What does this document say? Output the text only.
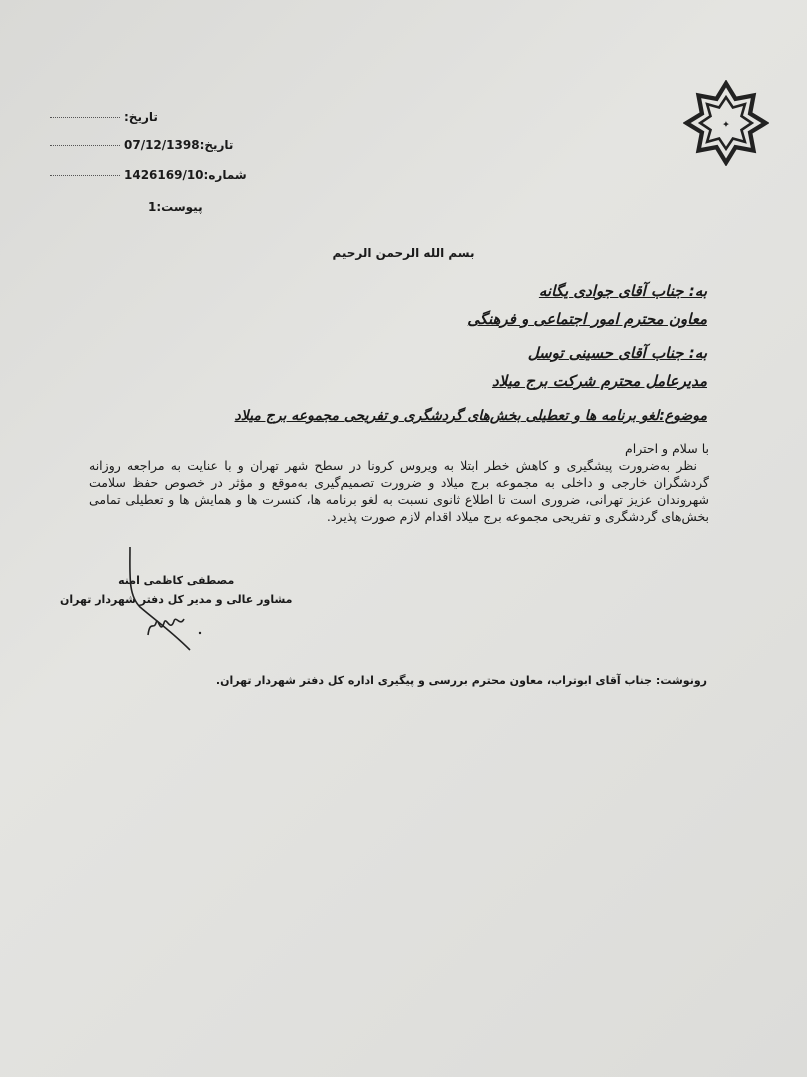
✦
تاریخ:
تاریخ:07/12/1398
شماره:1426169/10
پیوست:1
بسم الله الرحمن الرحیم
به: جناب آقای جوادی یگانه
معاون محترم امور اجتماعی و فرهنگی
به: جناب آقای حسینی توسل
مدیرعامل محترم شرکت برج میلاد
موضوع:لغو برنامه ها و تعطیلی بخش‌های گردشگری و تفریحی مجموعه برج میلاد

با سلام و احترام

نظر به‌ضرورت پیشگیری و کاهش خطر ابتلا به ویروس کرونا در سطح شهر تهران و با عنایت به مراجعه روزانه گردشگران خارجی و داخلی به مجموعه برج میلاد و ضرورت تصمیم‌گیری به‌موقع و مؤثر در خصوص حفظ سلامت شهروندان عزیز تهرانی، ضروری است تا اطلاع ثانوی نسبت به لغو برنامه ها، کنسرت ها و همایش ها و تعطیلی تمامی بخش‌های گردشگری و تفریحی مجموعه برج میلاد اقدام لازم صورت پذیرد.

مصطفی کاظمی امنه
مشاور عالی و مدیر کل دفتر شهردار تهران
رونوشت: جناب آقای ابوتراب، معاون محترم بررسی و پیگیری اداره کل دفتر شهردار تهران.
